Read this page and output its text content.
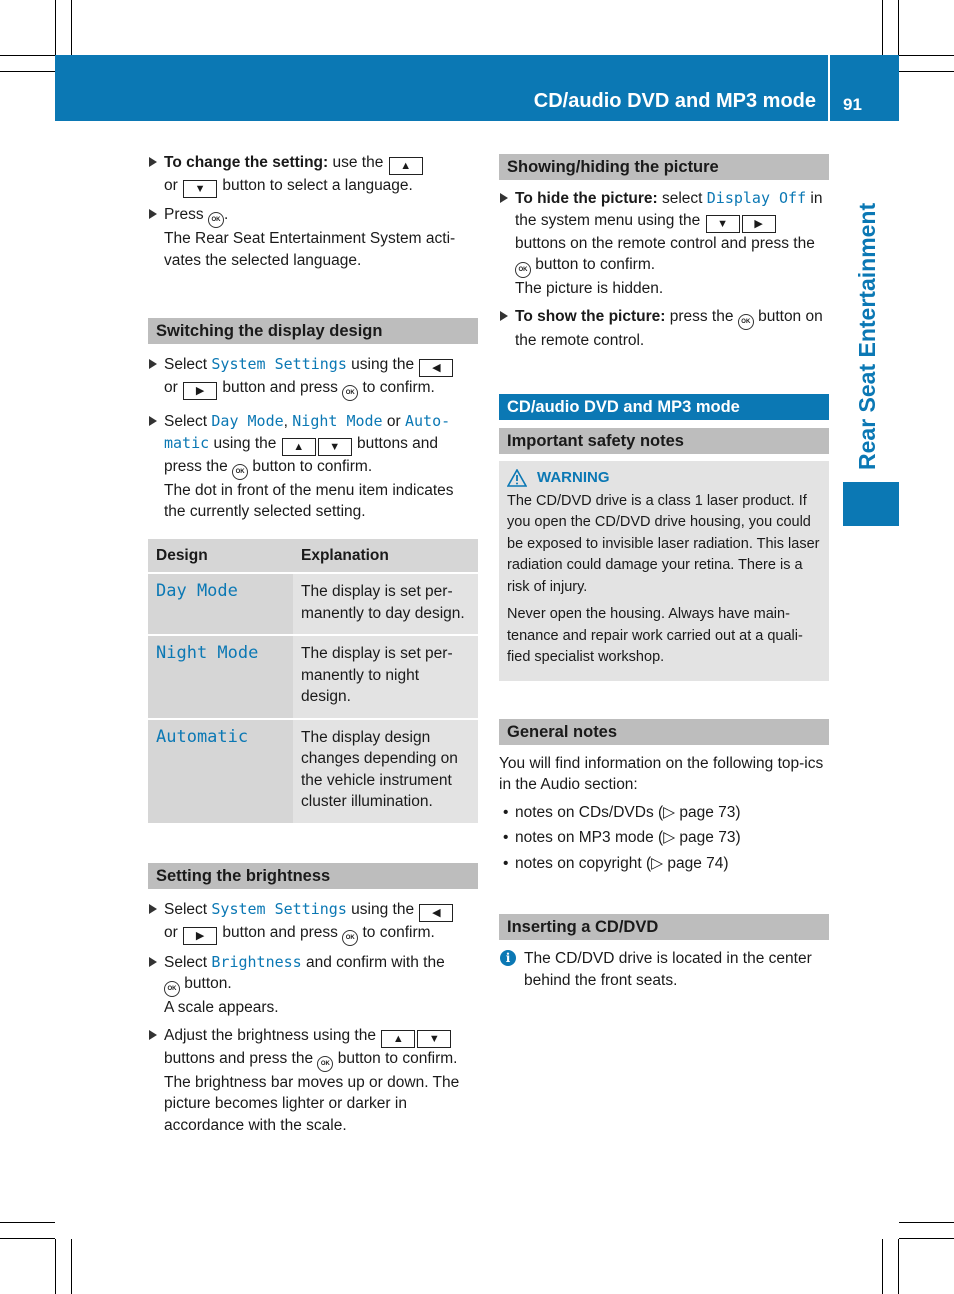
CD/audio DVD and MP3 mode 91
Rear Seat Entertainment
To change the setting: use the ▲
or ▼ button to select a language.
Press OK .
The Rear Seat Entertainment System acti-vates the selected language.
Switching the display design
Select System Settings using the ◀
or ▶ button and press OK to confirm.
Select Day Mode, Night Mode or Auto-matic using the ▲ ▼ buttons and press the OK button to confirm.
The dot in front of the menu item indicates the currently selected setting.
Design	Explanation
Day Mode	The display is set per-manently to day design.
Night Mode	The display is set per-manently to night design.
Automatic	The display design changes depending on the vehicle instrument cluster illumination.
Setting the brightness
Select System Settings using the ◀
or ▶ button and press OK to confirm.
Select Brightness and confirm with the
OK button.
A scale appears.
Adjust the brightness using the ▲ ▼
buttons and press the OK button to confirm.
The brightness bar moves up or down. The picture becomes lighter or darker in accordance with the scale.
Showing/hiding the picture
To hide the picture: select Display Off in the system menu using the ▼ ▶ buttons on the remote control and press the OK button to confirm.
The picture is hidden.
To show the picture: press the OK button on the remote control.
CD/audio DVD and MP3 mode
Important safety notes
WARNING

The CD/DVD drive is a class 1 laser product. If you open the CD/DVD drive housing, you could be exposed to invisible laser radiation. This laser radiation could damage your retina. There is a risk of injury.

Never open the housing. Always have main-tenance and repair work carried out at a quali-fied specialist workshop.

General notes
You will find information on the following top-ics in the Audio section:
• notes on CDs/DVDs (▷ page 73)
• notes on MP3 mode (▷ page 73)
• notes on copyright (▷ page 74)
Inserting a CD/DVD
i The CD/DVD drive is located in the center behind the front seats.
